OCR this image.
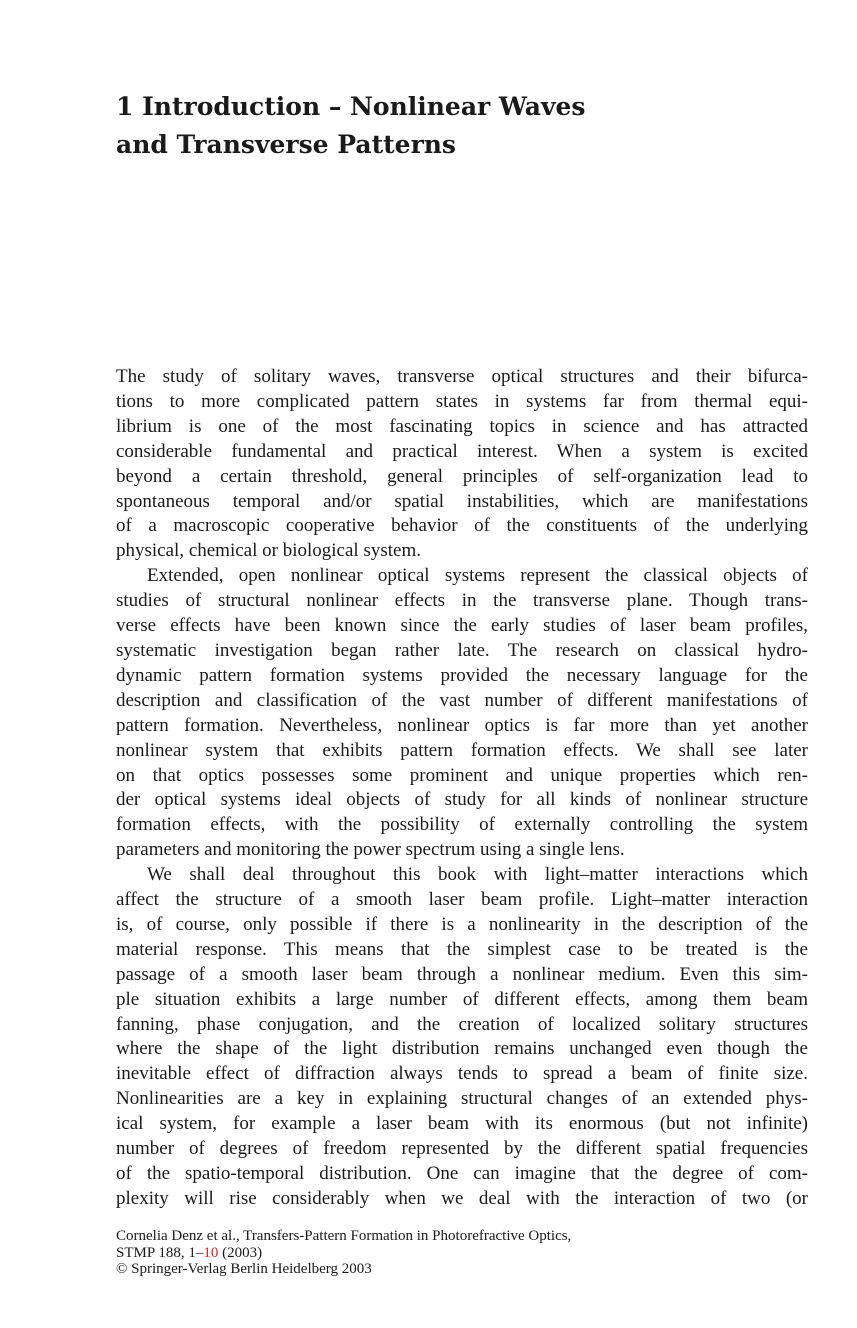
1 Introduction – Nonlinear Waves
and Transverse Patterns

The study of solitary waves, transverse optical structures and their bifurca-
tions to more complicated pattern states in systems far from thermal equi-
librium is one of the most fascinating topics in science and has attracted
considerable fundamental and practical interest. When a system is excited
beyond a certain threshold, general principles of self-organization lead to
spontaneous temporal and/or spatial instabilities, which are manifestations
of a macroscopic cooperative behavior of the constituents of the underlying
physical, chemical or biological system.

Extended, open nonlinear optical systems represent the classical objects of
studies of structural nonlinear effects in the transverse plane. Though trans-
verse effects have been known since the early studies of laser beam profiles,
systematic investigation began rather late. The research on classical hydro-
dynamic pattern formation systems provided the necessary language for the
description and classification of the vast number of different manifestations of
pattern formation. Nevertheless, nonlinear optics is far more than yet another
nonlinear system that exhibits pattern formation effects. We shall see later
on that optics possesses some prominent and unique properties which ren-
der optical systems ideal objects of study for all kinds of nonlinear structure
formation effects, with the possibility of externally controlling the system
parameters and monitoring the power spectrum using a single lens.

We shall deal throughout this book with light–matter interactions which
affect the structure of a smooth laser beam profile. Light–matter interaction
is, of course, only possible if there is a nonlinearity in the description of the
material response. This means that the simplest case to be treated is the
passage of a smooth laser beam through a nonlinear medium. Even this sim-
ple situation exhibits a large number of different effects, among them beam
fanning, phase conjugation, and the creation of localized solitary structures
where the shape of the light distribution remains unchanged even though the
inevitable effect of diffraction always tends to spread a beam of finite size.
Nonlinearities are a key in explaining structural changes of an extended phys-
ical system, for example a laser beam with its enormous (but not infinite)
number of degrees of freedom represented by the different spatial frequencies
of the spatio-temporal distribution. One can imagine that the degree of com-
plexity will rise considerably when we deal with the interaction of two (or

Cornelia Denz et al., Transfers-Pattern Formation in Photorefractive Optics,
STMP 188, 1–10 (2003)
© Springer-Verlag Berlin Heidelberg 2003
